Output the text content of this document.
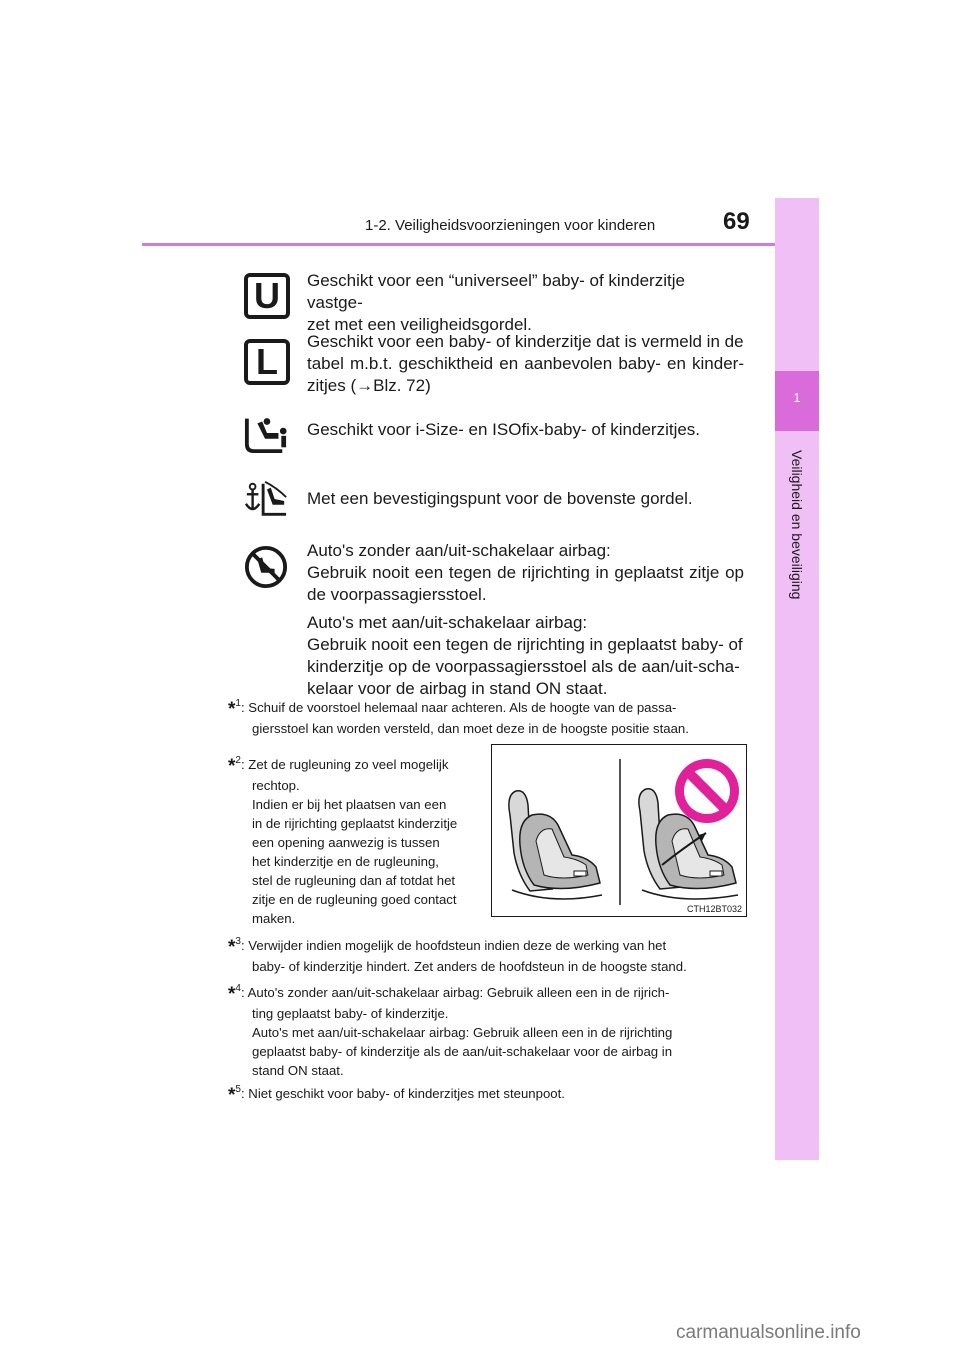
1-2. Veiligheidsvoorzieningen voor kinderen	69
1
Veiligheid en beveiliging
U	Geschikt voor een “universeel” baby- of kinderzitje vastge-
zet met een veiligheidsgordel.
L	Geschikt voor een baby- of kinderzitje dat is vermeld in de
tabel m.b.t. geschiktheid en aanbevolen baby- en kinder-
zitjes (→Blz. 72)
Geschikt voor i-Size- en ISOfix-baby- of kinderzitjes.
Met een bevestigingspunt voor de bovenste gordel.
Auto's zonder aan/uit-schakelaar airbag:
Gebruik nooit een tegen de rijrichting in geplaatst zitje op
de voorpassagiersstoel.
Auto's met aan/uit-schakelaar airbag:
Gebruik nooit een tegen de rijrichting in geplaatst baby- of
kinderzitje op de voorpassagiersstoel als de aan/uit-scha-
kelaar voor de airbag in stand ON staat.
*$^1$: Schuif de voorstoel helemaal naar achteren. Als de hoogte van de passa-
giersstoel kan worden versteld, dan moet deze in de hoogste positie staan.
*$^2$: Zet de rugleuning zo veel mogelijk
rechtop.
Indien er bij het plaatsen van een
in de rijrichting geplaatst kinderzitje
een opening aanwezig is tussen
het kinderzitje en de rugleuning,
stel de rugleuning dan af totdat het
zitje en de rugleuning goed contact
maken.
CTH12BT032
*$^3$: Verwijder indien mogelijk de hoofdsteun indien deze de werking van het
baby- of kinderzitje hindert. Zet anders de hoofdsteun in de hoogste stand.
*$^4$: Auto's zonder aan/uit-schakelaar airbag: Gebruik alleen een in de rijrich-
ting geplaatst baby- of kinderzitje.
Auto's met aan/uit-schakelaar airbag: Gebruik alleen een in de rijrichting
geplaatst baby- of kinderzitje als de aan/uit-schakelaar voor de airbag in
stand ON staat.
*$^5$: Niet geschikt voor baby- of kinderzitjes met steunpoot.
carmanualsonline.info
